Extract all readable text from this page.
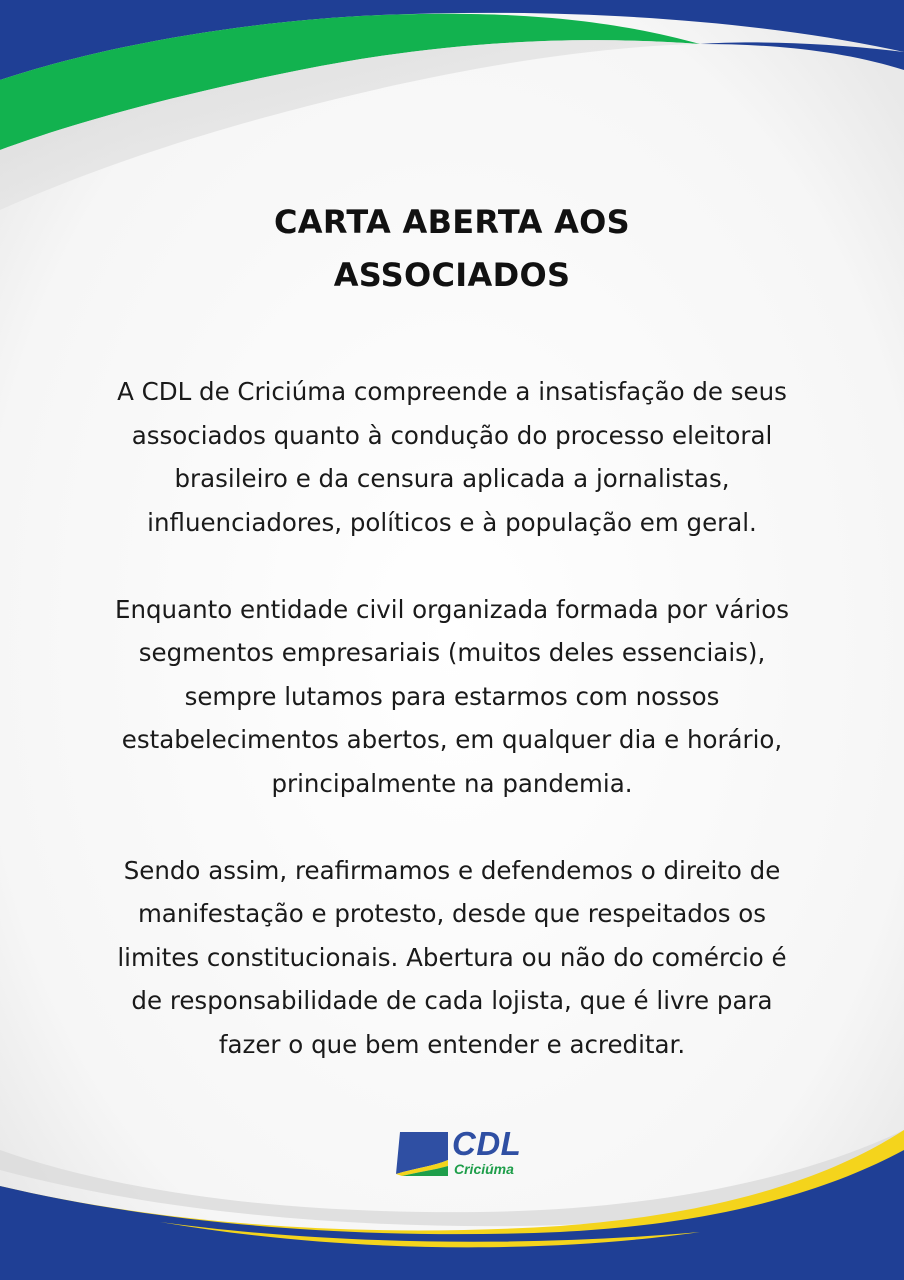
CARTA ABERTA AOS
ASSOCIADOS

A CDL de Criciúma compreende a insatisfação de seus
associados quanto à condução do processo eleitoral
brasileiro e da censura aplicada a jornalistas,
influenciadores, políticos e à população em geral.

Enquanto entidade civil organizada formada por vários
segmentos empresariais (muitos deles essenciais),
sempre lutamos para estarmos com nossos
estabelecimentos abertos, em qualquer dia e horário,
principalmente na pandemia.

Sendo assim, reafirmamos e defendemos o direito de
manifestação e protesto, desde que respeitados os
limites constitucionais. Abertura ou não do comércio é
de responsabilidade de cada lojista, que é livre para
fazer o que bem entender e acreditar.

CDL
Criciúma
